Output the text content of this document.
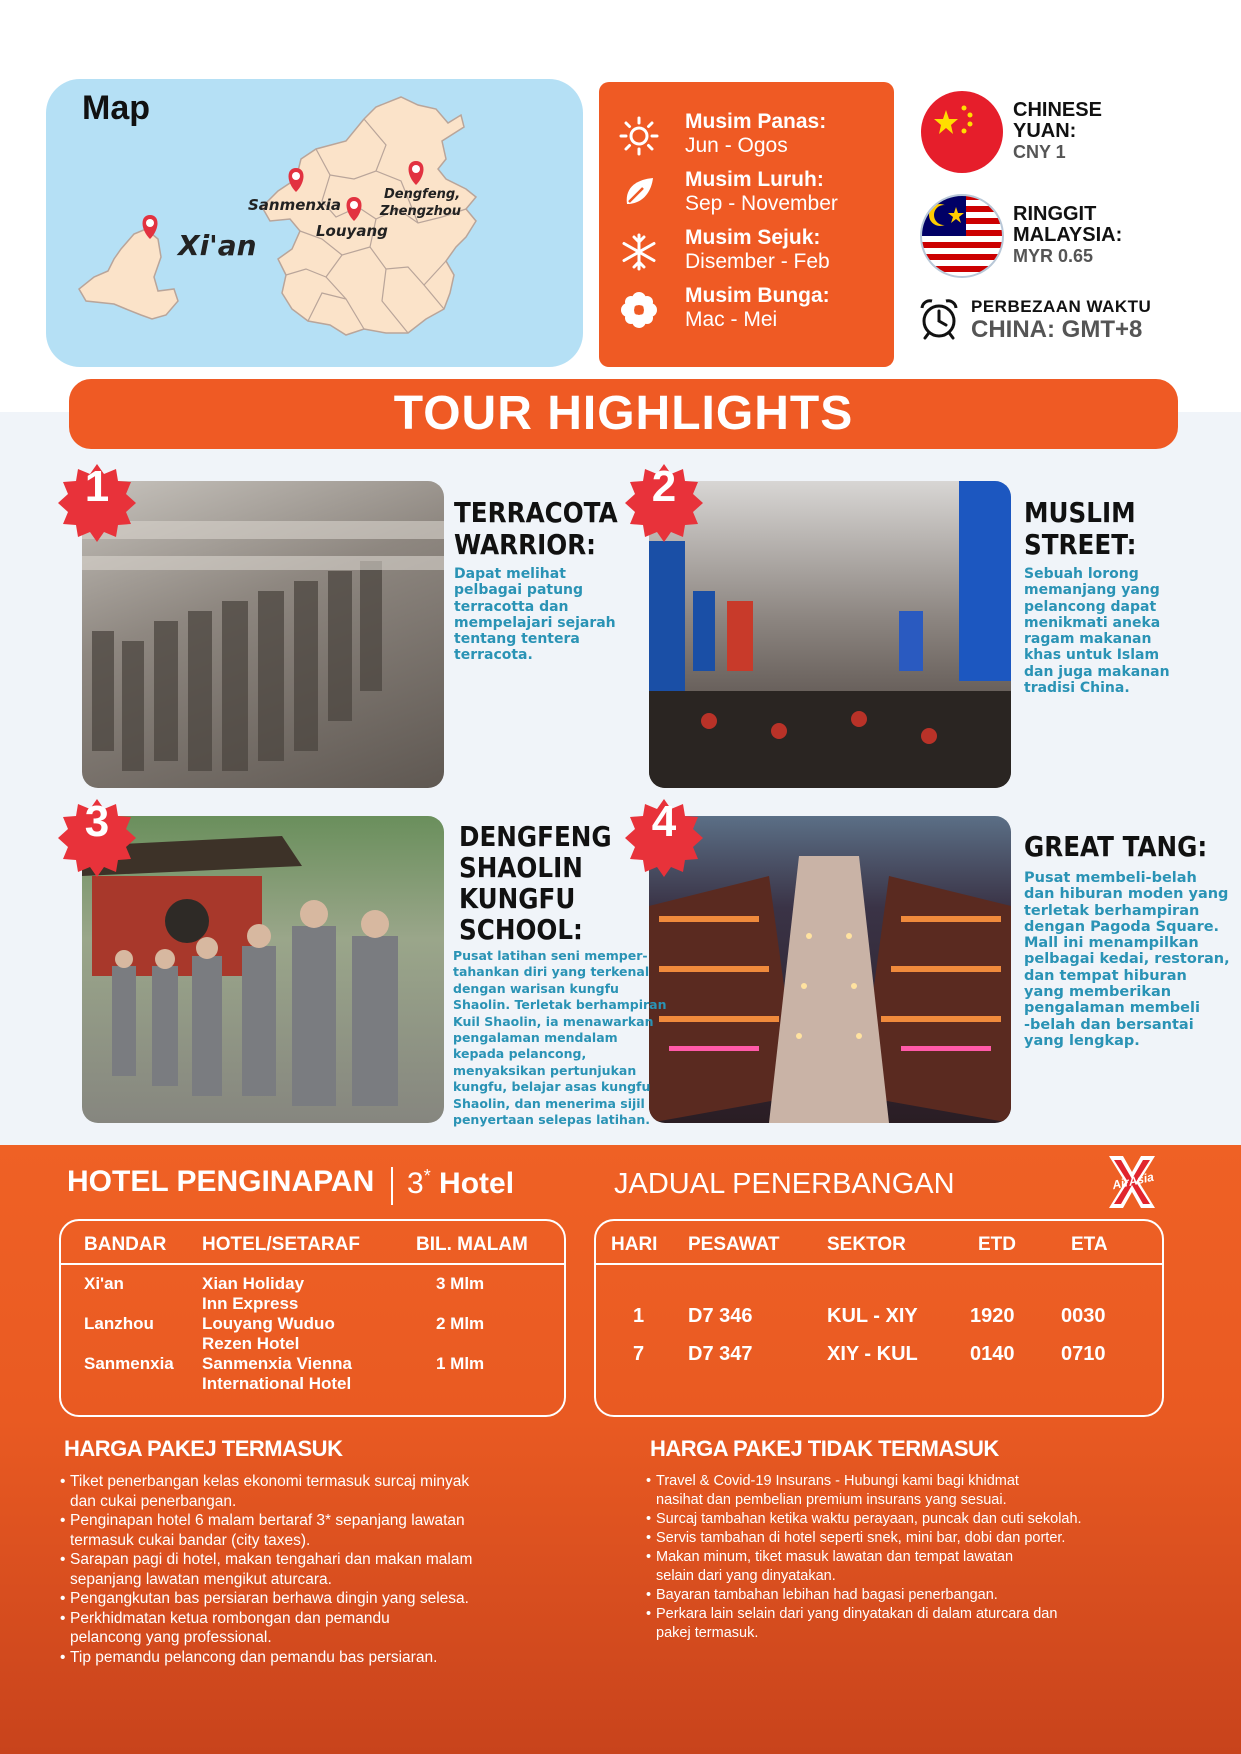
Map
Xi'an
Sanmenxia
Louyang
Dengfeng,
Zhengzhou
Musim Panas:
Jun - Ogos
Musim Luruh:
Sep - November
Musim Sejuk:
Disember - Feb
Musim Bunga:
Mac - Mei
CHINESE
YUAN:
CNY 1
RINGGIT
MALAYSIA:
MYR 0.65
PERBEZAAN WAKTU
CHINA: GMT+8
TOUR HIGHLIGHTS
1	2
3	4
TERRACOTA
WARRIOR:
Dapat melihat
pelbagai patung
terracotta dan
mempelajari sejarah
tentang tentera
terracota.
MUSLIM
STREET:
Sebuah lorong
memanjang yang
pelancong dapat
menikmati aneka
ragam makanan
khas untuk Islam
dan juga makanan
tradisi China.
DENGFENG
SHAOLIN
KUNGFU
SCHOOL:
Pusat latihan seni memper-
tahankan diri yang terkenal
dengan warisan kungfu
Shaolin. Terletak berhampiran
Kuil Shaolin, ia menawarkan
pengalaman mendalam
kepada pelancong,
menyaksikan pertunjukan
kungfu, belajar asas kungfu
Shaolin, dan menerima sijil
penyertaan selepas latihan.
GREAT TANG:
Pusat membeli-belah
dan hiburan moden yang
terletak berhampiran
dengan Pagoda Square.
Mall ini menampilkan
pelbagai kedai, restoran,
dan tempat hiburan
yang memberikan
pengalaman membeli
-belah dan bersantai
yang lengkap.
HOTEL PENGINAPAN 3* Hotel
BANDAR HOTEL/SETARAF	BIL. MALAM
Xi'an	Xian Holiday
Inn Express
3 Mlm
Lanzhou	Louyang Wuduo
Rezen Hotel
2 Mlm
Sanmenxia Sanmenxia Vienna
International Hotel
1 Mlm
JADUAL PENERBANGAN	AirAsia
HARI PESAWAT	SEKTOR	ETD	ETA
1 D7 346	KUL - XIY	1920 0030
7 D7 347	XIY - KUL	0140 0710
HARGA PAKEJ TERMASUK
• Tiket penerbangan kelas ekonomi termasuk surcaj minyak
dan cukai penerbangan.
• Penginapan hotel 6 malam bertaraf 3* sepanjang lawatan
termasuk cukai bandar (city taxes).
• Sarapan pagi di hotel, makan tengahari dan makan malam
sepanjang lawatan mengikut aturcara.
• Pengangkutan bas persiaran berhawa dingin yang selesa.
• Perkhidmatan ketua rombongan dan pemandu
pelancong yang professional.
• Tip pemandu pelancong dan pemandu bas persiaran.
HARGA PAKEJ TIDAK TERMASUK
• Travel & Covid-19 Insurans - Hubungi kami bagi khidmat
nasihat dan pembelian premium insurans yang sesuai.
• Surcaj tambahan ketika waktu perayaan, puncak dan cuti sekolah.
• Servis tambahan di hotel seperti snek, mini bar, dobi dan porter.
• Makan minum, tiket masuk lawatan dan tempat lawatan
selain dari yang dinyatakan.
• Bayaran tambahan lebihan had bagasi penerbangan.
• Perkara lain selain dari yang dinyatakan di dalam aturcara dan
pakej termasuk.
